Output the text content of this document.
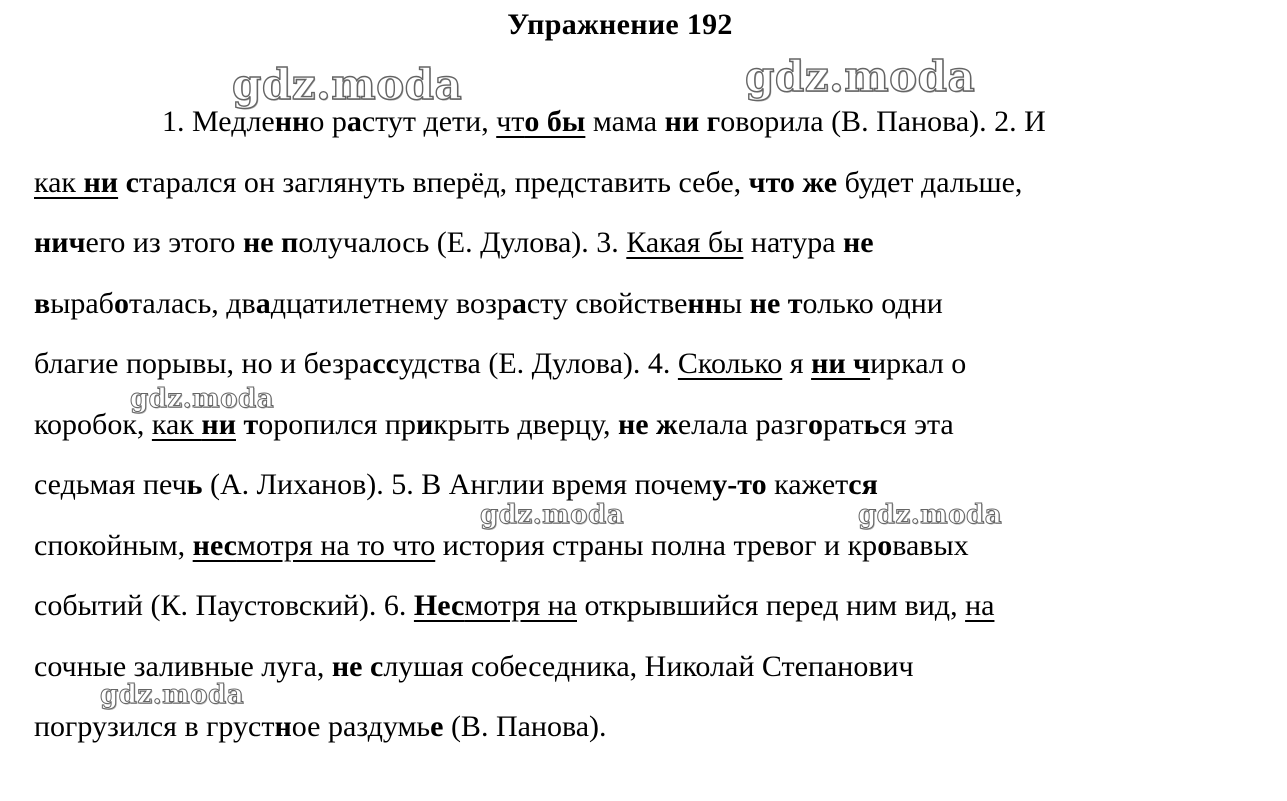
Упражнение 192
1. Медленно растут дети, что бы мама ни говорила (В. Панова). 2. И
как ни старался он заглянуть вперёд, представить себе, что же будет дальше,
ничего из этого не получалось (Е. Дулова). 3. Какая бы натура не
выработалась, двадцатилетнему возрасту свойственны не только одни
благие порывы, но и безрассудства (Е. Дулова). 4. Сколько я ни чиркал о
коробок, как ни торопился прикрыть дверцу, не желала разгораться эта
седьмая печь (А. Лиханов). 5. В Англии время почему-то кажется
спокойным, несмотря на то что история страны полна тревог и кровавых
событий (К. Паустовский). 6. Несмотря на открывшийся перед ним вид, на
сочные заливные луга, не слушая собеседника, Николай Степанович
погрузился в грустное раздумье (В. Панова).
gdz.moda	gdz.moda
gdz.moda
gdz.moda	gdz.moda
gdz.moda
